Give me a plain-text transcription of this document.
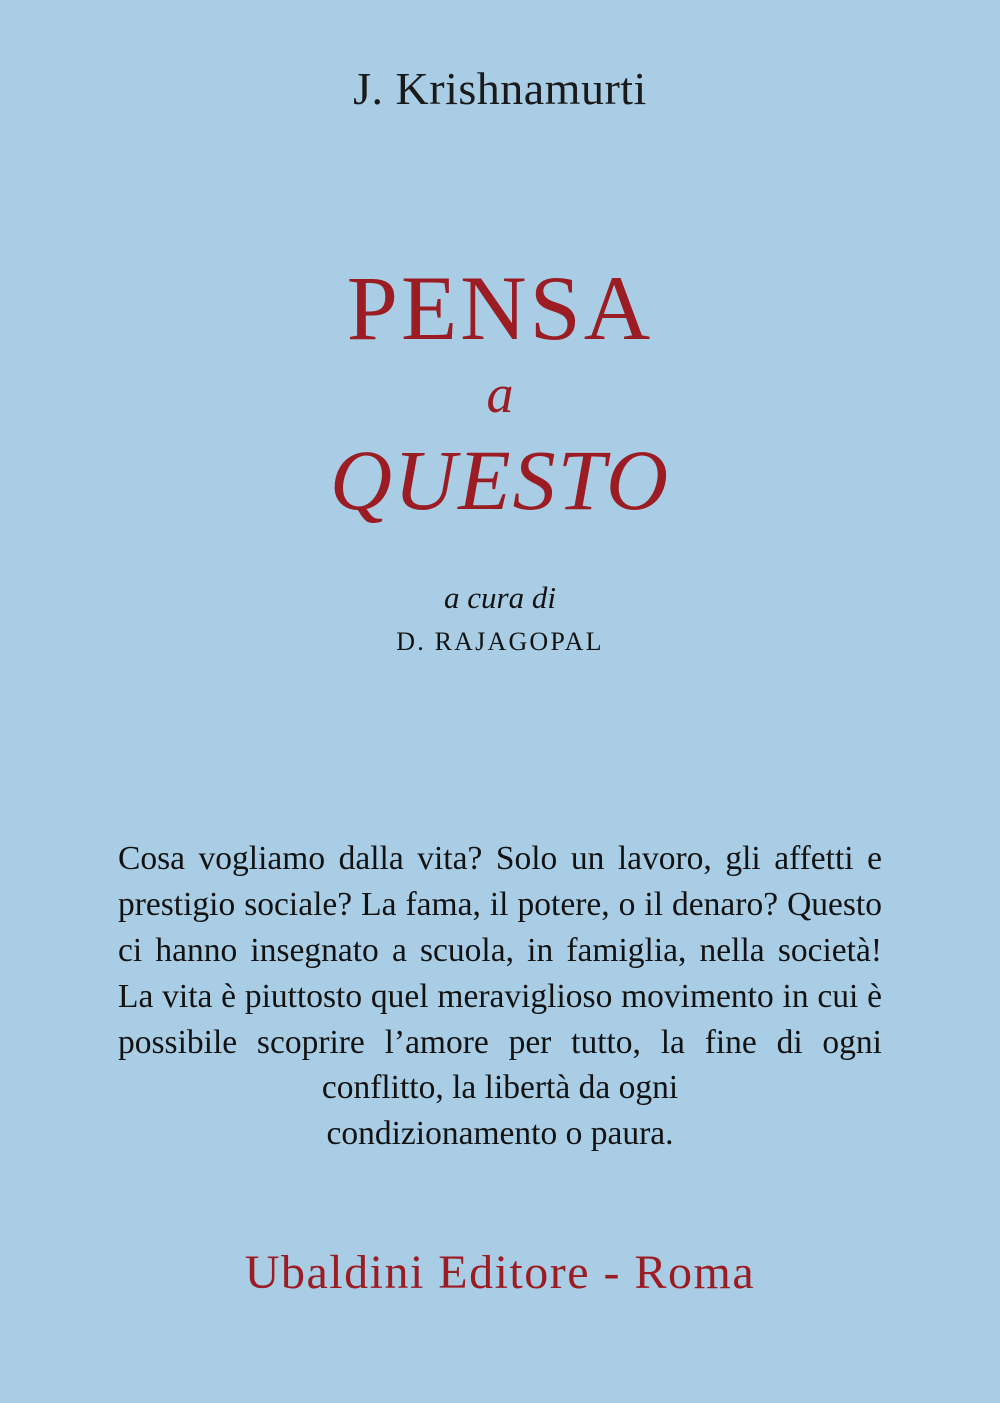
J. Krishnamurti
PENSA
a
QUESTO
a cura di
D. RAJAGOPAL
Cosa vogliamo dalla vita? Solo un lavoro, gli affetti e prestigio sociale? La fama, il potere, o il denaro? Questo ci hanno insegnato a scuola, in famiglia, nella società! La vita è piuttosto quel meraviglioso movimento in cui è possibile scoprire l’amore per tutto, la fine di ogni conflitto, la libertà da ogni
condizionamento o paura.
Ubaldini Editore - Roma
